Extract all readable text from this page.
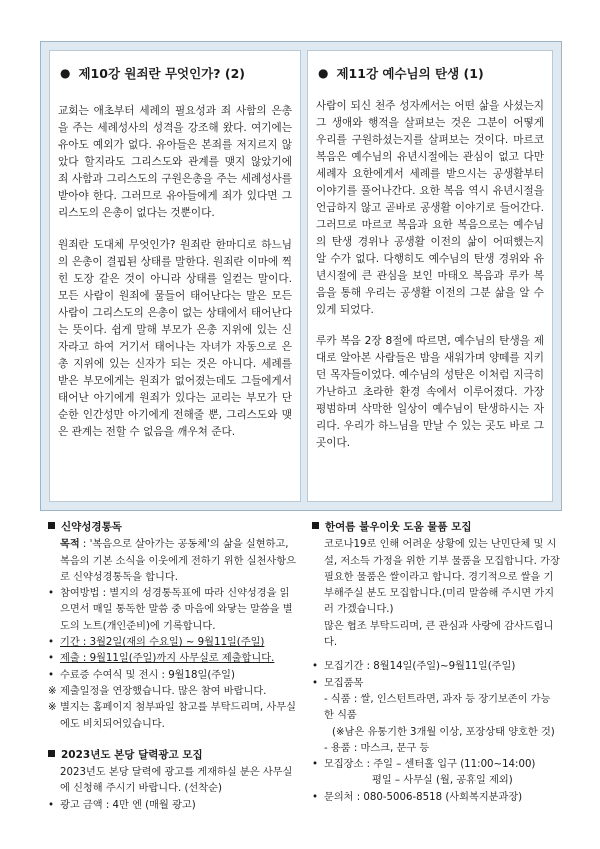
● 제10강 원죄란 무엇인가? (2)

교회는 애초부터 세례의 필요성과 죄 사함의 은총을 주는 세례성사의 성격을 강조해 왔다. 여기에는 유아도 예외가 없다. 유아들은 본죄를 저지르지 않았다 할지라도 그리스도와 관계를 맺지 않았기에 죄 사함과 그리스도의 구원은총을 주는 세례성사를 받아야 한다. 그러므로 유아들에게 죄가 있다면 그리스도의 은총이 없다는 것뿐이다.

원죄란 도대체 무엇인가? 원죄란 한마디로 하느님의 은총이 결핍된 상태를 말한다. 원죄란 이마에 찍힌 도장 같은 것이 아니라 상태를 일컫는 말이다. 모든 사람이 원죄에 물들어 태어난다는 말은 모든 사람이 그리스도의 은총이 없는 상태에서 태어난다는 뜻이다. 쉽게 말해 부모가 은총 지위에 있는 신자라고 하여 거기서 태어나는 자녀가 자동으로 은총 지위에 있는 신자가 되는 것은 아니다. 세례를 받은 부모에게는 원죄가 없어졌는데도 그들에게서 태어난 아기에게 원죄가 있다는 교리는 부모가 단순한 인간성만 아기에게 전해줄 뿐, 그리스도와 맺은 관계는 전할 수 없음을 깨우쳐 준다.

● 제11강 예수님의 탄생 (1)

사람이 되신 천주 성자께서는 어떤 삶을 사셨는지 그 생애와 행적을 살펴보는 것은 그분이 어떻게 우리를 구원하셨는지를 살펴보는 것이다. 마르코 복음은 예수님의 유년시절에는 관심이 없고 다만 세례자 요한에게서 세례를 받으시는 공생활부터 이야기를 풀어나간다. 요한 복음 역시 유년시절을 언급하지 않고 곧바로 공생활 이야기로 들어간다. 그러므로 마르코 복음과 요한 복음으로는 예수님의 탄생 경위나 공생활 이전의 삶이 어떠했는지 알 수가 없다. 다행히도 예수님의 탄생 경위와 유년시절에 큰 관심을 보인 마태오 복음과 루카 복음을 통해 우리는 공생활 이전의 그분 삶을 알 수 있게 되었다.

루카 복음 2장 8절에 따르면, 예수님의 탄생을 제대로 알아본 사람들은 밤을 새워가며 양떼를 지키던 목자들이었다. 예수님의 성탄은 이처럼 지극히 가난하고 초라한 환경 속에서 이루어졌다. 가장 평범하며 삭막한 일상이 예수님이 탄생하시는 자리다. 우리가 하느님을 만날 수 있는 곳도 바로 그 곳이다.

신약성경통독
목적 : '복음으로 살아가는 공동체'의 삶을 실현하고, 복음의 기본 소식을 이웃에게 전하기 위한 실천사항으로 신약성경통독을 합니다.
• 참여방법 : 별지의 성경통독표에 따라 신약성경을 읽으면서 매일 통독한 말씀 중 마음에 와닿는 말씀을 별도의 노트(개인준비)에 기록합니다.
• 기간 : 3월2일(재의 수요일) ~ 9월11일(주일)
• 제출 : 9월11일(주일)까지 사무실로 제출합니다.
• 수료증 수여식 및 전시 : 9월18일(주일)
※ 제출일정을 연장했습니다. 많은 참여 바랍니다.
※ 별지는 홈페이지 첨부파일 참고를 부탁드리며, 사무실에도 비치되어있습니다.
2023년도 본당 달력광고 모집
2023년도 본당 달력에 광고를 게재하실 분은 사무실에 신청해 주시기 바랍니다. (선착순)
• 광고 금액 : 4만 엔 (매월 광고)
한여름 불우이웃 도움 물품 모집
코로나19로 인해 어려운 상황에 있는 난민단체 및 시설, 저소득 가정을 위한 기부 물품을 모집합니다. 가장 필요한 물품은 쌀이라고 합니다. 경기적으로 쌀을 기부해주실 분도 모집합니다.(미리 말씀해 주시면 가지러 가겠습니다.)
많은 협조 부탁드리며, 큰 관심과 사랑에 감사드립니다.
• 모집기간 : 8월14일(주일)~9월11일(주일)
• 모집품목
- 식품 : 쌀, 인스턴트라면, 과자 등 장기보존이 가능한 식품
(※남은 유통기한 3개월 이상, 포장상태 양호한 것)
- 용품 : 마스크, 문구 등
• 모집장소 : 주일 – 센터홀 입구 (11:00~14:00)
평일 – 사무실 (월, 공휴일 제외)
• 문의처 : 080-5006-8518 (사회복지분과장)
